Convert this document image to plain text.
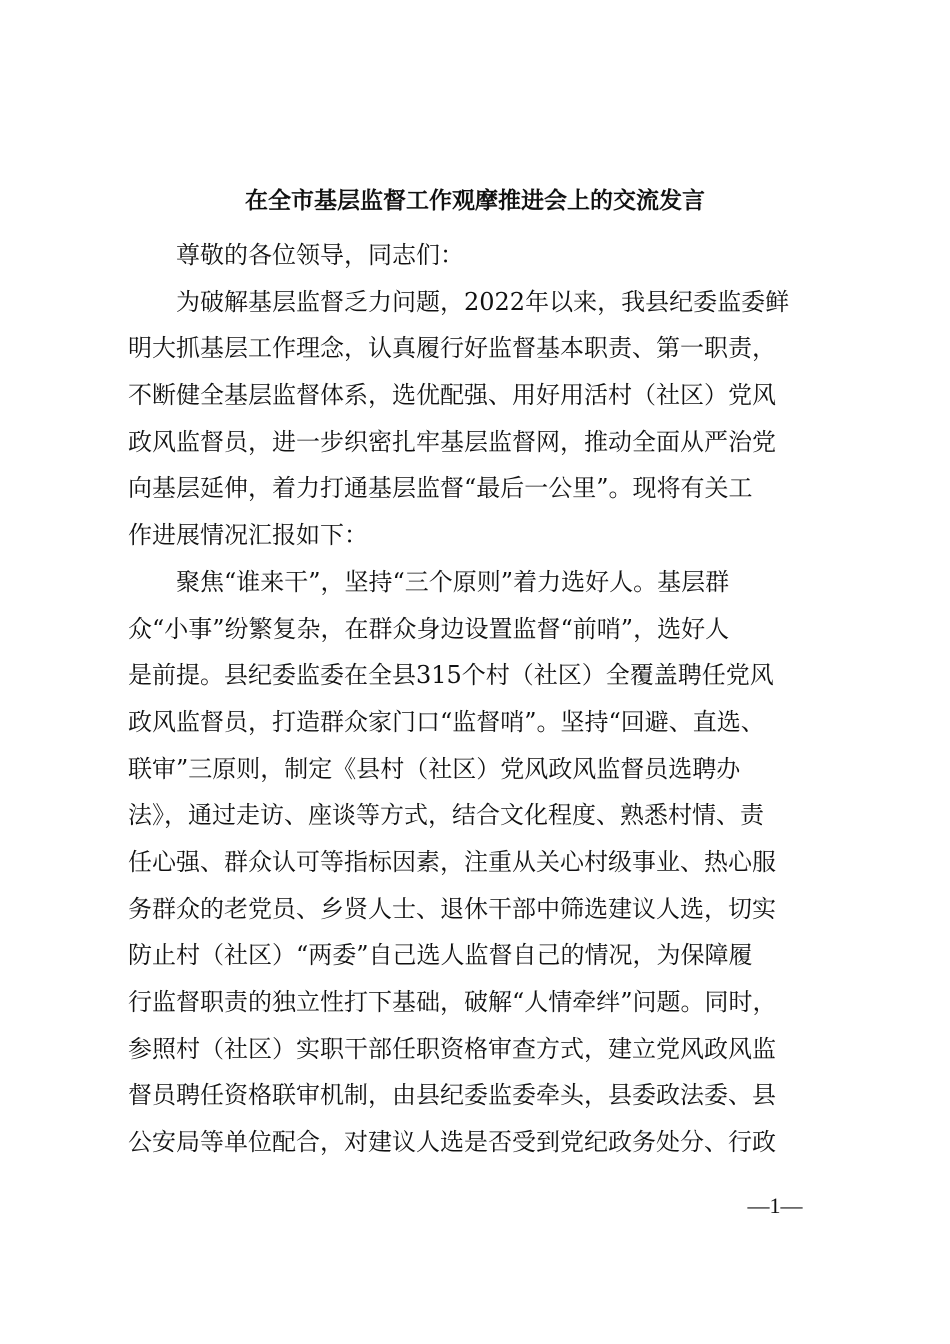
在全市基层监督工作观摩推进会上的交流发言
尊敬的各位领导，同志们：
为破解基层监督乏力问题，2022年以来，我县纪委监委鲜
明大抓基层工作理念，认真履行好监督基本职责、第一职责，
不断健全基层监督体系，选优配强、用好用活村（社区）党风
政风监督员，进一步织密扎牢基层监督网，推动全面从严治党
向基层延伸，着力打通基层监督“最后一公里”。现将有关工
作进展情况汇报如下：
聚焦“谁来干”，坚持“三个原则”着力选好人。基层群
众“小事”纷繁复杂，在群众身边设置监督“前哨”，选好人
是前提。县纪委监委在全县315个村（社区）全覆盖聘任党风
政风监督员，打造群众家门口“监督哨”。坚持“回避、直选、
联审”三原则，制定《县村（社区）党风政风监督员选聘办
法》，通过走访、座谈等方式，结合文化程度、熟悉村情、责
任心强、群众认可等指标因素，注重从关心村级事业、热心服
务群众的老党员、乡贤人士、退休干部中筛选建议人选，切实
防止村（社区）“两委”自己选人监督自己的情况，为保障履
行监督职责的独立性打下基础，破解“人情牵绊”问题。同时，
参照村（社区）实职干部任职资格审查方式，建立党风政风监
督员聘任资格联审机制，由县纪委监委牵头，县委政法委、县
公安局等单位配合，对建议人选是否受到党纪政务处分、行政
—1—
